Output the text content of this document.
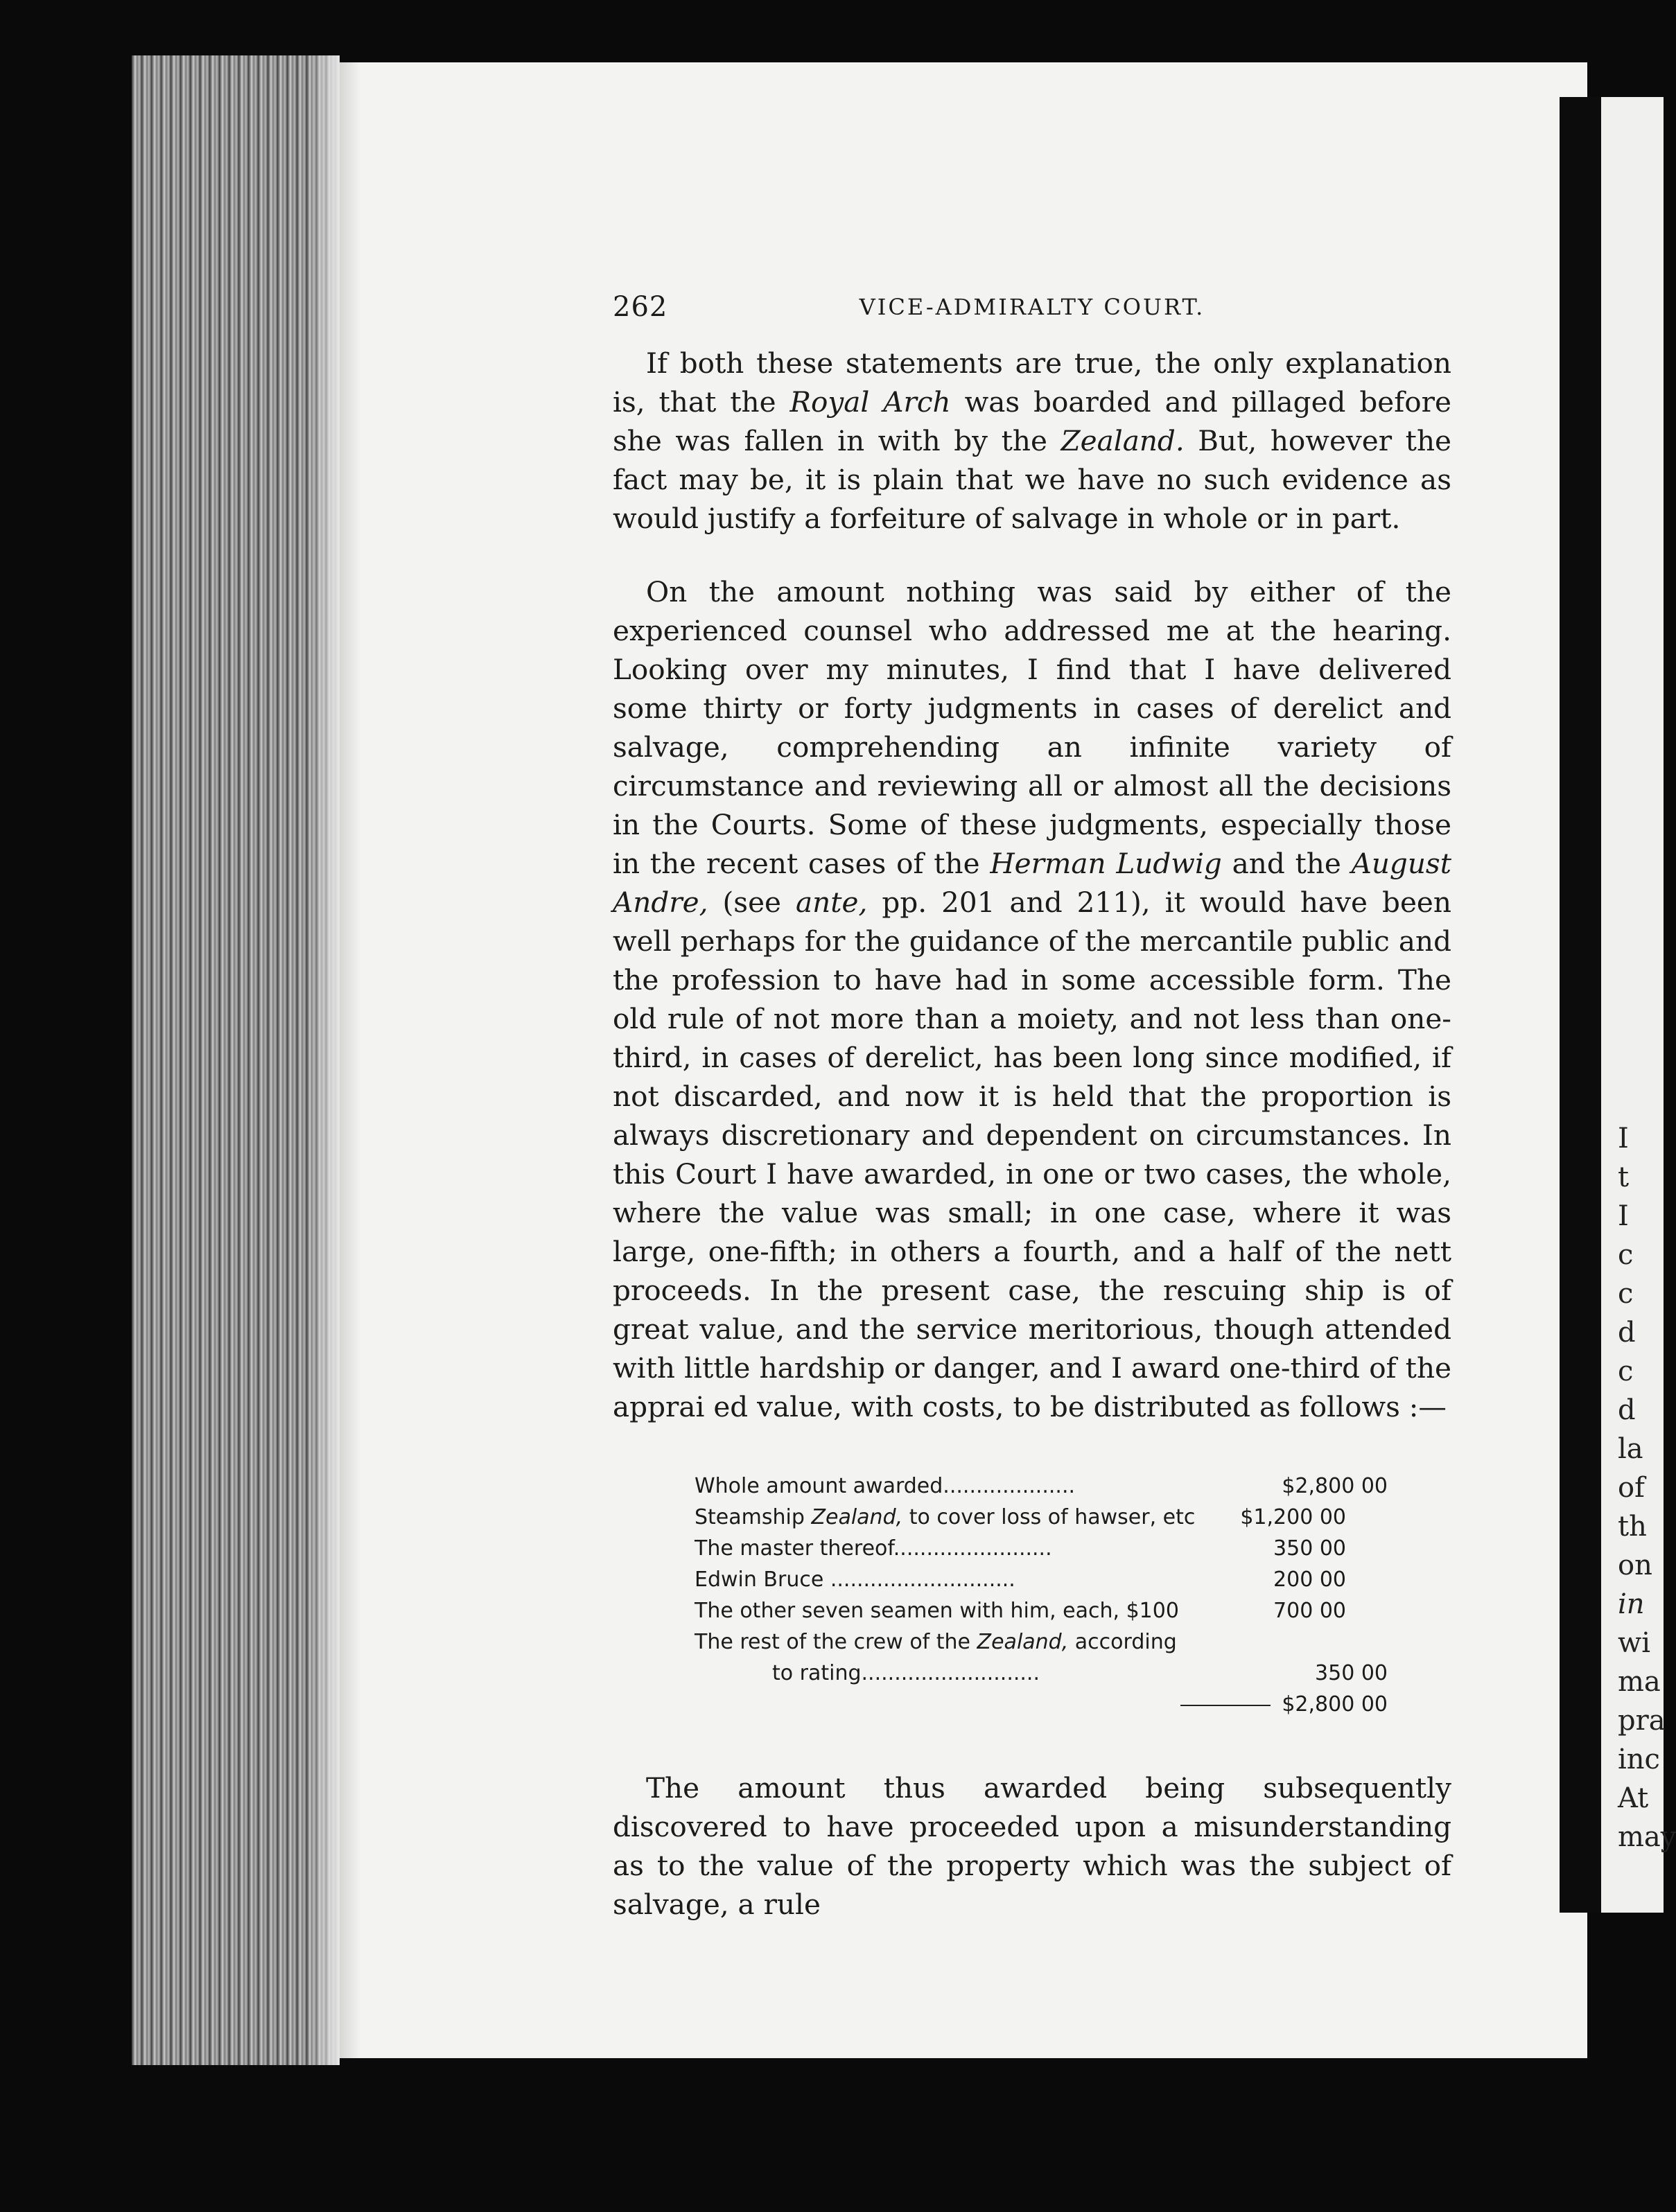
I
t
I
c
c
d
c
d
la
of
th
on
in
wi
ma
pra
inc
At
may
262	VICE-ADMIRALTY COURT.

If both these statements are true, the only explanation is, that the Royal Arch was boarded and pillaged before she was fallen in with by the Zealand. But, however the fact may be, it is plain that we have no such evidence as would justify a forfeiture of salvage in whole or in part.

On the amount nothing was said by either of the experienced counsel who addressed me at the hearing. Looking over my minutes, I find that I have delivered some thirty or forty judgments in cases of derelict and salvage, comprehending an infinite variety of circumstance and reviewing all or almost all the decisions in the Courts. Some of these judgments, especially those in the recent cases of the Herman Ludwig and the August Andre, (see ante, pp. 201 and 211), it would have been well perhaps for the guidance of the mercantile public and the profession to have had in some accessible form. The old rule of not more than a moiety, and not less than one-third, in cases of derelict, has been long since modified, if not discarded, and now it is held that the proportion is always discretionary and dependent on circumstances. In this Court I have awarded, in one or two cases, the whole, where the value was small; in one case, where it was large, one-fifth; in others a fourth, and a half of the nett proceeds. In the present case, the rescuing ship is of great value, and the service meritorious, though attended with little hardship or danger, and I award one-third of the apprai ed value, with costs, to be distributed as follows :—

Whole amount awarded....................	$2,800 00
Steamship Zealand, to cover loss of hawser, etc	$1,200 00
The master thereof........................	350 00
Edwin Bruce ............................	200 00
The other seven seamen with him, each, $100	700 00
The rest of the crew of the Zealand, according
to rating...........................	350 00
$2,800 00

The amount thus awarded being subsequently discovered to have proceeded upon a misunderstanding as to the value of the property which was the subject of salvage, a rule
